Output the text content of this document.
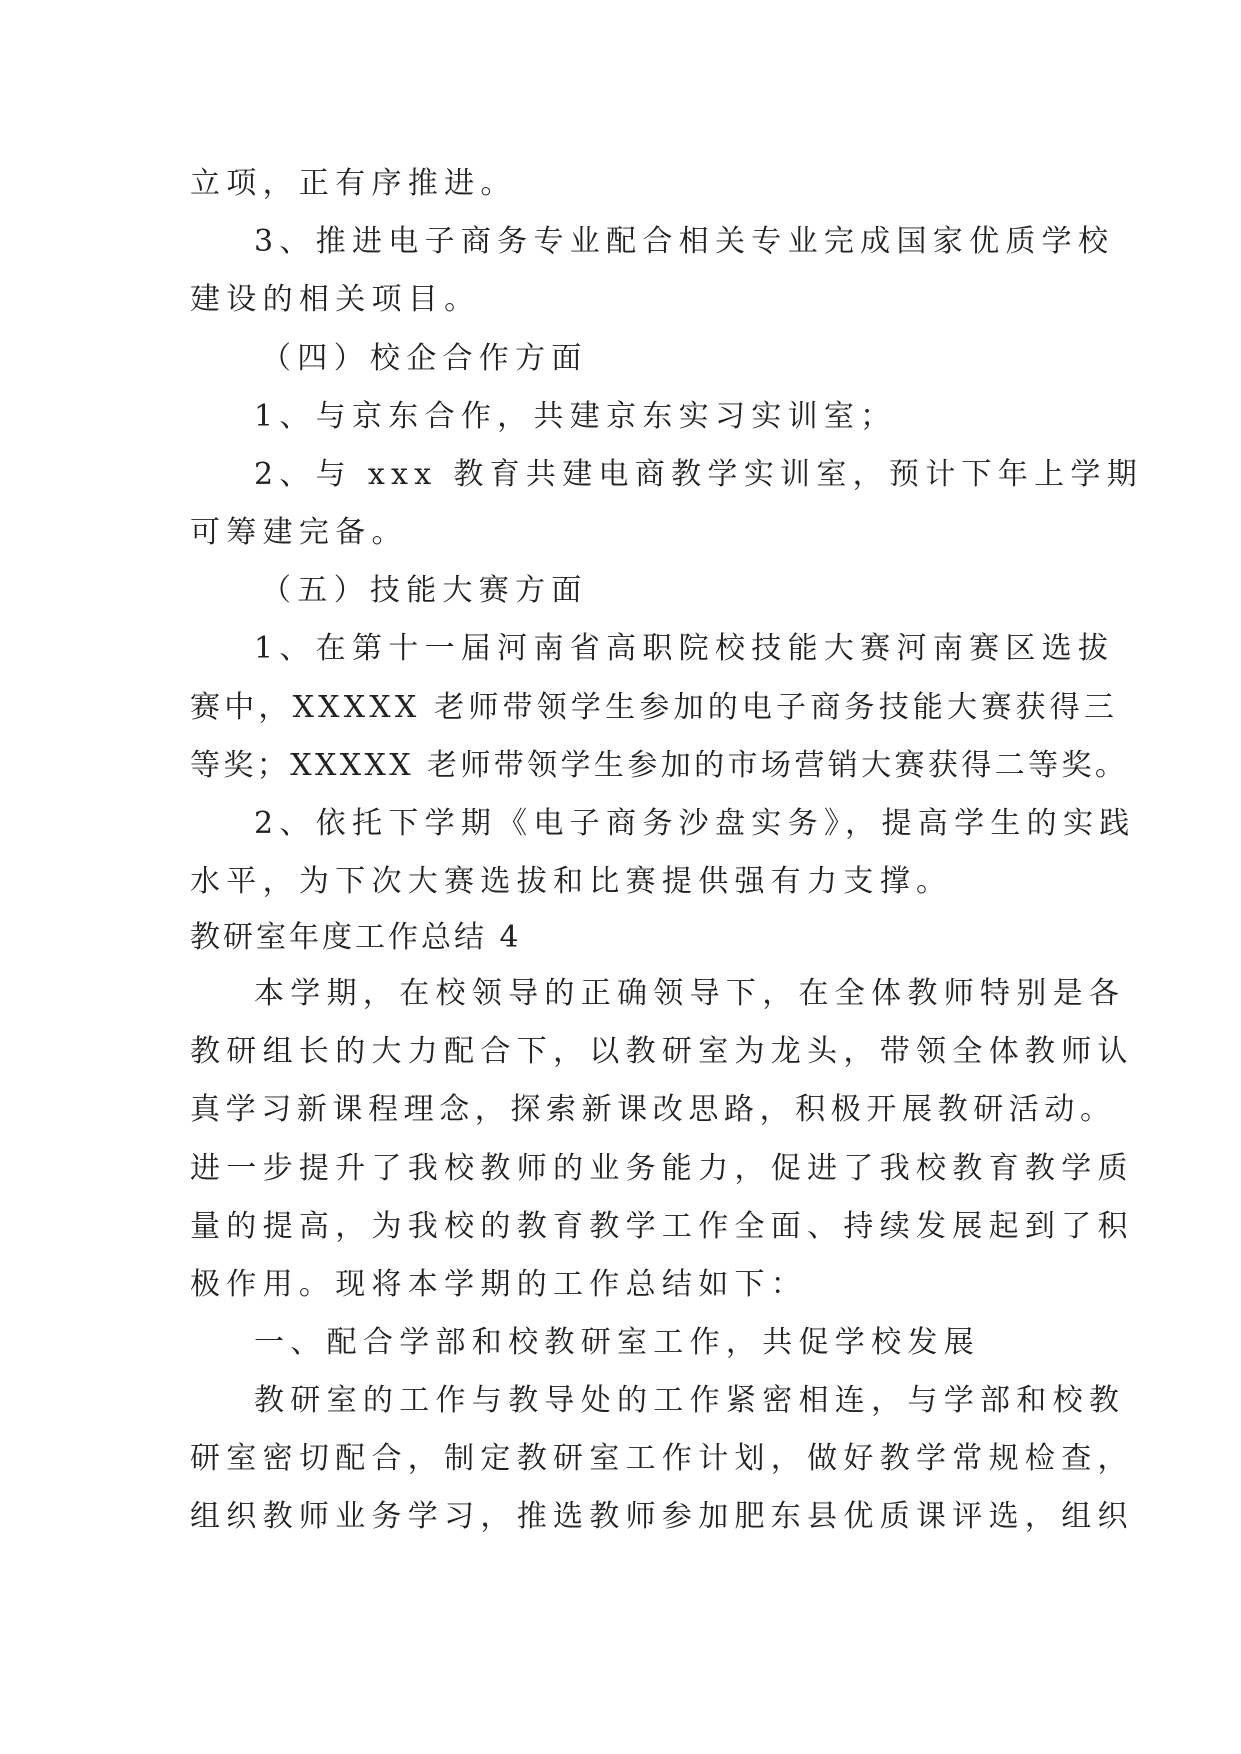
立项，正有序推进。
3、推进电子商务专业配合相关专业完成国家优质学校
建设的相关项目。
（四）校企合作方面
1、与京东合作，共建京东实习实训室；
2、与 xxx 教育共建电商教学实训室，预计下年上学期
可筹建完备。
（五）技能大赛方面
1、在第十一届河南省高职院校技能大赛河南赛区选拔
赛中，XXXXX 老师带领学生参加的电子商务技能大赛获得三
等奖；XXXXX 老师带领学生参加的市场营销大赛获得二等奖。
2、依托下学期《电子商务沙盘实务》，提高学生的实践
水平，为下次大赛选拔和比赛提供强有力支撑。
教研室年度工作总结 4
本学期，在校领导的正确领导下，在全体教师特别是各
教研组长的大力配合下，以教研室为龙头，带领全体教师认
真学习新课程理念，探索新课改思路，积极开展教研活动。
进一步提升了我校教师的业务能力，促进了我校教育教学质
量的提高，为我校的教育教学工作全面、持续发展起到了积
极作用。现将本学期的工作总结如下：
一、配合学部和校教研室工作，共促学校发展
教研室的工作与教导处的工作紧密相连，与学部和校教
研室密切配合，制定教研室工作计划，做好教学常规检查，
组织教师业务学习，推选教师参加肥东县优质课评选，组织
